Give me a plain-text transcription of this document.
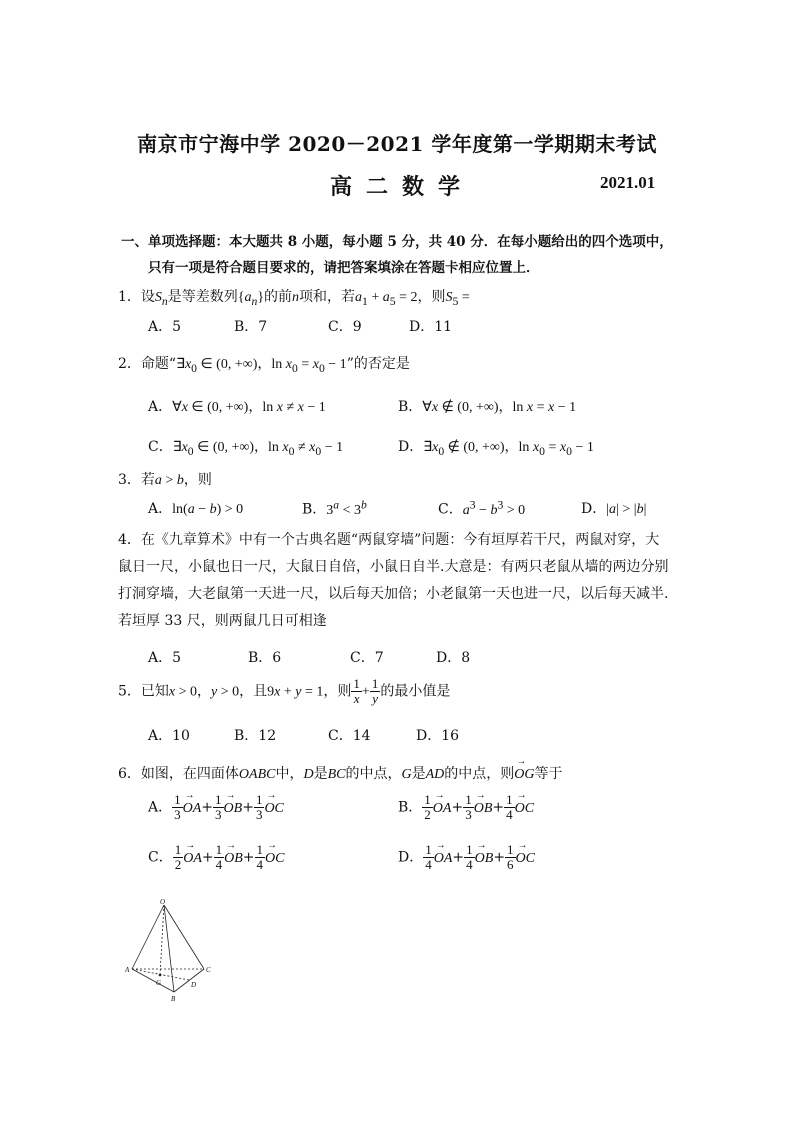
南京市宁海中学 2020－2021 学年度第一学期期末考试
高二数学	2021.01
一、单项选择题：本大题共 8 小题，每小题 5 分，共 40 分．在每小题给出的四个选项中，
只有一项是符合题目要求的，请把答案填涂在答题卡相应位置上．
1．设$S_n$是等差数列$\{a_n\}$的前n项和，若$a_1 + a_5 = 2$，则$S_5$ =
A．5	B．7	C．9	D．11
2．命题“$\exists x_0$ ∈ (0, +∞)，$\ln x_0 = x_0 - 1$”的否定是
A．∀x ∈ (0, +∞)，ln x ≠ x − 1	B．∀x ∉ (0, +∞)，ln x = x − 1
C．$\exists x_0$ ∈ (0, +∞)，$\ln x_0 \ne x_0 - 1$	D．$\exists x_0$ ∉ (0, +∞)，$\ln x_0 = x_0 - 1$
3．若a > b，则
A．ln(a − b) > 0	B．$3^a < 3^b$	C．$a^3 - b^3 > 0$	D．|a| > |b|
4．在《九章算术》中有一个古典名题“两鼠穿墙”问题：今有垣厚若干尺，两鼠对穿，大
鼠日一尺，小鼠也日一尺，大鼠日自倍，小鼠日自半.大意是：有两只老鼠从墙的两边分别
打洞穿墙，大老鼠第一天进一尺，以后每天加倍；小老鼠第一天也进一尺，以后每天减半.
若垣厚 33 尺，则两鼠几日可相逢
A．5	B．6	C．7	D．8
5．已知x > 0，y > 0，且9x + y = 1，则 $\frac{1}{x} + \frac{1}{y}$ 的最小值是
A．10	B．12	C．14	D．16
6．如图，在四面体OABC中，D是BC的中点，G是AD的中点，则→ OG等于
A． $\frac{1}{3}$
→ $OA+ \frac{1}{3}$
→ $OB+ \frac{1}{3}$
→ OC	B． $\frac{1}{2}$
→ $OA+ \frac{1}{3}$
→ $OB+ \frac{1}{4}$
→ OC
C． $\frac{1}{2}$
→ $OA+ \frac{1}{4}$
→ $OB+ \frac{1}{4}$
→ OC	D． $\frac{1}{4}$
→ $OA+ \frac{1}{4}$
→ $OB+ \frac{1}{6}$
→ OC
O
A
B
C
D
G
